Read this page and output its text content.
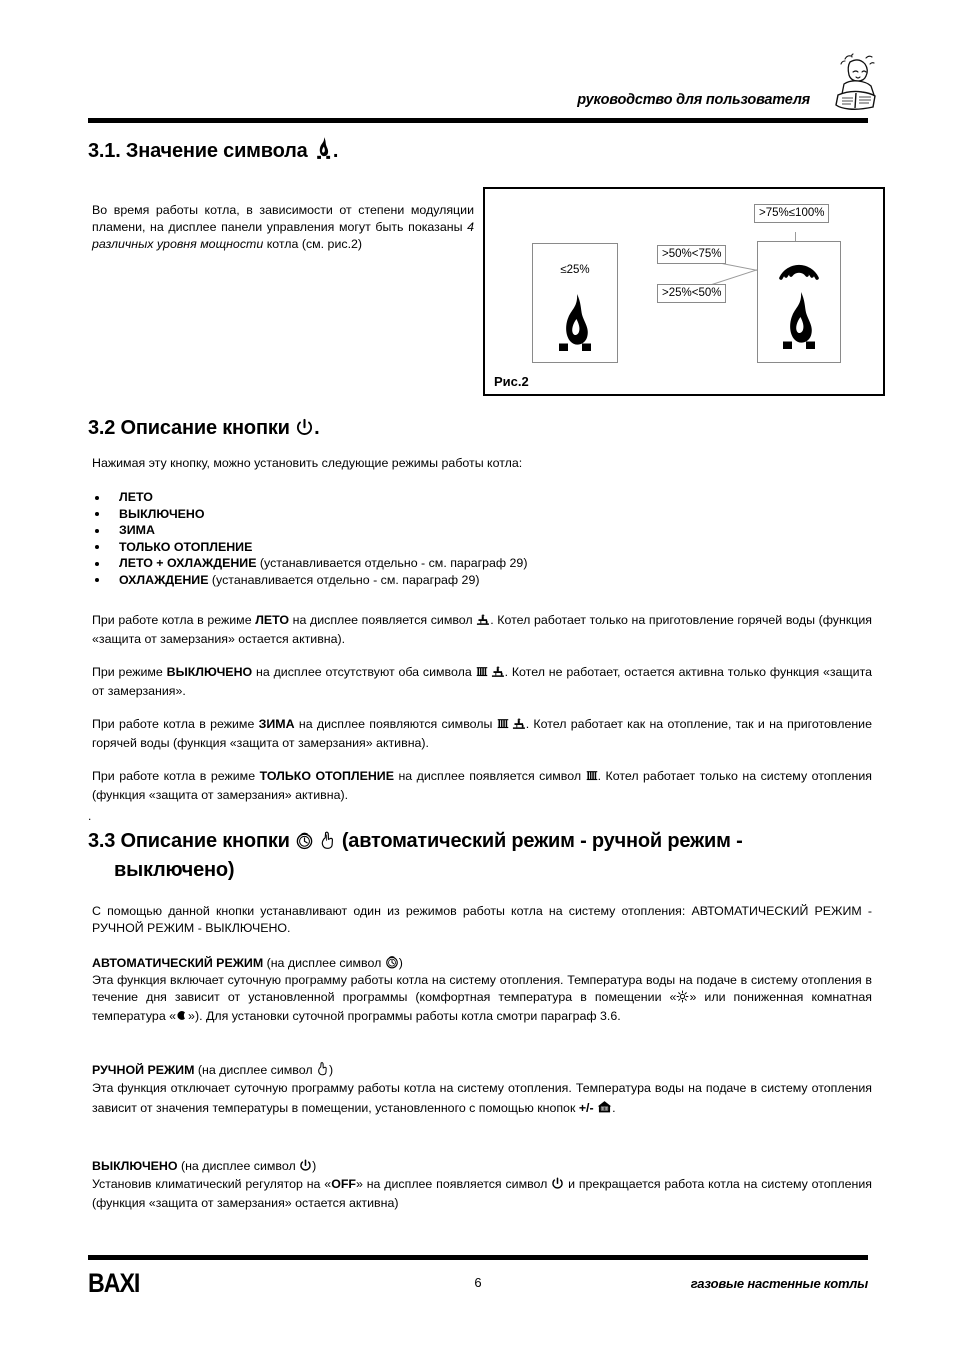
руководство для пользователя
3.1. Значение символа .
Во время работы котла, в зависимости от степени модуляции пламени, на дисплее панели управления могут быть показаны 4 различных уровня мощности котла (см. рис.2)
≤25%
>75%≤100%
>50%<75%
>25%<50%
Рис.2
3.2 Описание кнопки .
Нажимая эту кнопку, можно установить следующие режимы работы котла:
ЛЕТО
ВЫКЛЮЧЕНО
ЗИМА
ТОЛЬКО ОТОПЛЕНИЕ
ЛЕТО + ОХЛАЖДЕНИЕ (устанавливается отдельно - см. параграф 29)
ОХЛАЖДЕНИЕ (устанавливается отдельно - см. параграф 29)
При работе котла в режиме ЛЕТО на дисплее появляется символ . Котел работает только на приготовление горячей воды (функция «защита от замерзания» остается активна).
При режиме ВЫКЛЮЧЕНО на дисплее отсутствуют оба символа . Котел не работает, остается активна только функция «защита от замерзания».
При работе котла в режиме ЗИМА на дисплее появляются символы . Котел работает как на отопление, так и на приготовление горячей воды (функция «защита от замерзания» активна).
При работе котла в режиме ТОЛЬКО ОТОПЛЕНИЕ на дисплее появляется символ . Котел работает только на систему отопления (функция «защита от замерзания» активна).
.
3.3 Описание кнопки	(автоматический режим - ручной режим -
выключено)
С помощью данной кнопки устанавливают один из режимов работы котла на систему отопления: АВТОМАТИЧЕСКИЙ РЕЖИМ - РУЧНОЙ РЕЖИМ - ВЫКЛЮЧЕНО.
АВТОМАТИЧЕСКИЙ РЕЖИМ (на дисплее символ )
Эта функция включает суточную программу работы котла на систему отопления. Температура воды на подаче в систему отопления в течение дня зависит от установленной программы (комфортная температура в помещении « » или пониженная комнатная температура « »). Для установки суточной программы работы котла смотри параграф 3.6.
РУЧНОЙ РЕЖИМ (на дисплее символ )
Эта функция отключает суточную программу работы котла на систему отопления. Температура воды на подаче в систему отопления зависит от значения температуры в помещении, установленного с помощью кнопок +/- .
ВЫКЛЮЧЕНО (на дисплее символ )
Установив климатический регулятор на «OFF» на дисплее появляется символ  и прекращается работа котла на систему отопления (функция «защита от замерзания» остается активна)
BAXI	6	газовые настенные котлы
